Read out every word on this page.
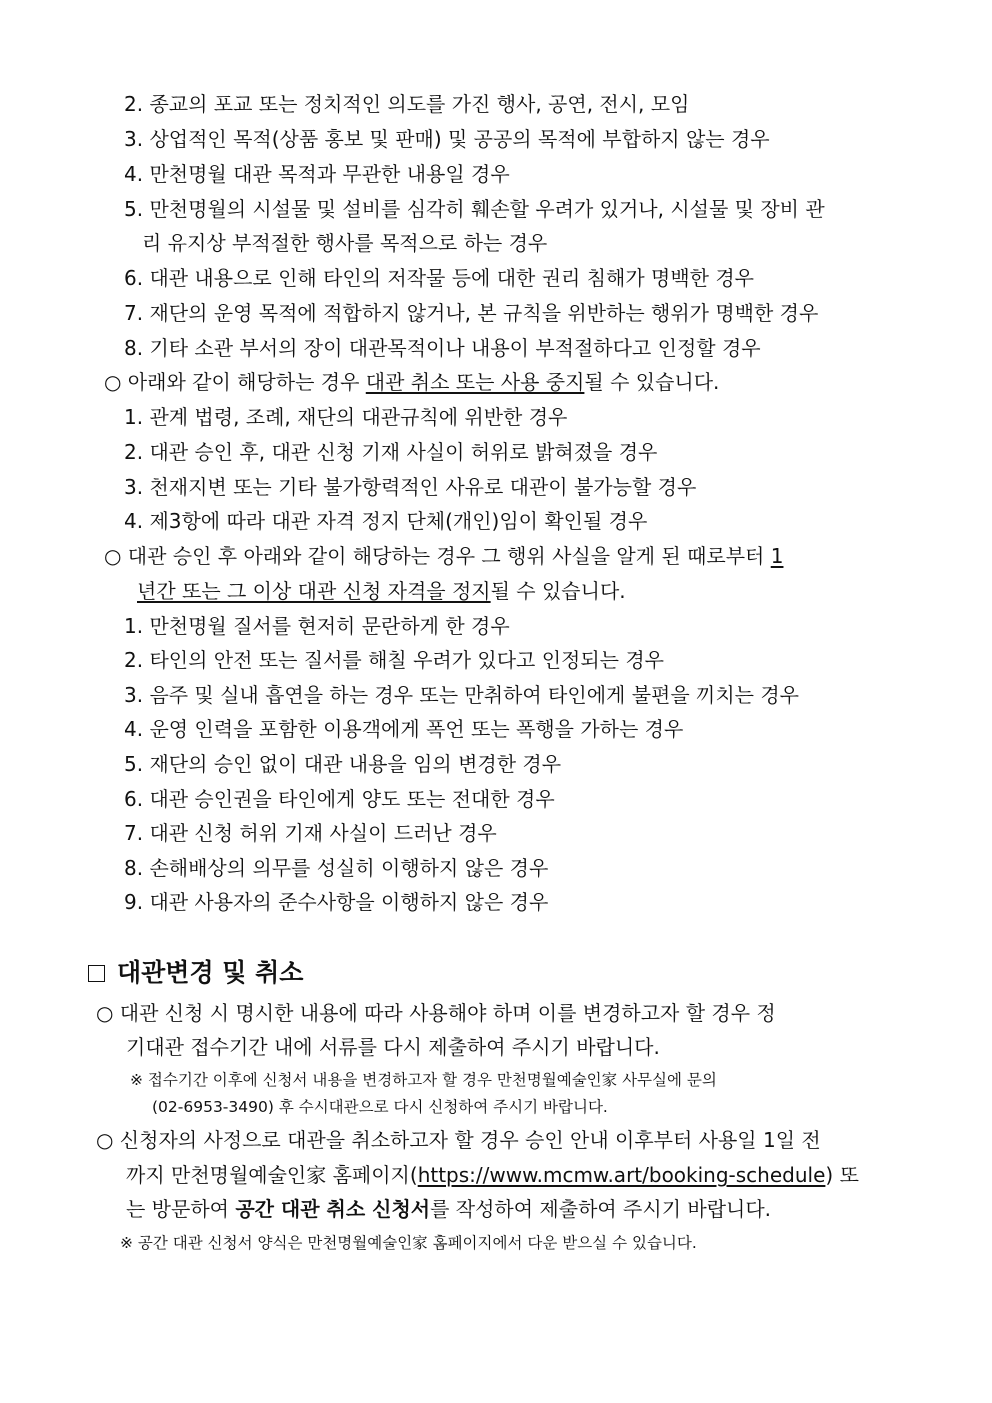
2. 종교의 포교 또는 정치적인 의도를 가진 행사, 공연, 전시, 모임
3. 상업적인 목적(상품 홍보 및 판매) 및 공공의 목적에 부합하지 않는 경우
4. 만천명월 대관 목적과 무관한 내용일 경우
5. 만천명월의 시설물 및 설비를 심각히 훼손할 우려가 있거나, 시설물 및 장비 관
리 유지상 부적절한 행사를 목적으로 하는 경우
6. 대관 내용으로 인해 타인의 저작물 등에 대한 권리 침해가 명백한 경우
7. 재단의 운영 목적에 적합하지 않거나, 본 규칙을 위반하는 행위가 명백한 경우
8. 기타 소관 부서의 장이 대관목적이나 내용이 부적절하다고 인정할 경우
○ 아래와 같이 해당하는 경우 대관 취소 또는 사용 중지될 수 있습니다.
1. 관계 법령, 조례, 재단의 대관규칙에 위반한 경우
2. 대관 승인 후, 대관 신청 기재 사실이 허위로 밝혀졌을 경우
3. 천재지변 또는 기타 불가항력적인 사유로 대관이 불가능할 경우
4. 제3항에 따라 대관 자격 정지 단체(개인)임이 확인될 경우
○ 대관 승인 후 아래와 같이 해당하는 경우 그 행위 사실을 알게 된 때로부터 1
년간 또는 그 이상 대관 신청 자격을 정지될 수 있습니다.
1. 만천명월 질서를 현저히 문란하게 한 경우
2. 타인의 안전 또는 질서를 해칠 우려가 있다고 인정되는 경우
3. 음주 및 실내 흡연을 하는 경우 또는 만취하여 타인에게 불편을 끼치는 경우
4. 운영 인력을 포함한 이용객에게 폭언 또는 폭행을 가하는 경우
5. 재단의 승인 없이 대관 내용을 임의 변경한 경우
6. 대관 승인권을 타인에게 양도 또는 전대한 경우
7. 대관 신청 허위 기재 사실이 드러난 경우
8. 손해배상의 의무를 성실히 이행하지 않은 경우
9. 대관 사용자의 준수사항을 이행하지 않은 경우
대관변경 및 취소
○ 대관 신청 시 명시한 내용에 따라 사용해야 하며 이를 변경하고자 할 경우 정
기대관 접수기간 내에 서류를 다시 제출하여 주시기 바랍니다.
※ 접수기간 이후에 신청서 내용을 변경하고자 할 경우 만천명월예술인家 사무실에 문의
(02-6953-3490) 후 수시대관으로 다시 신청하여 주시기 바랍니다.
○ 신청자의 사정으로 대관을 취소하고자 할 경우 승인 안내 이후부터 사용일 1일 전
까지 만천명월예술인家 홈페이지(https://www.mcmw.art/booking-schedule) 또
는 방문하여 공간 대관 취소 신청서를 작성하여 제출하여 주시기 바랍니다.
※ 공간 대관 신청서 양식은 만천명월예술인家 홈페이지에서 다운 받으실 수 있습니다.
